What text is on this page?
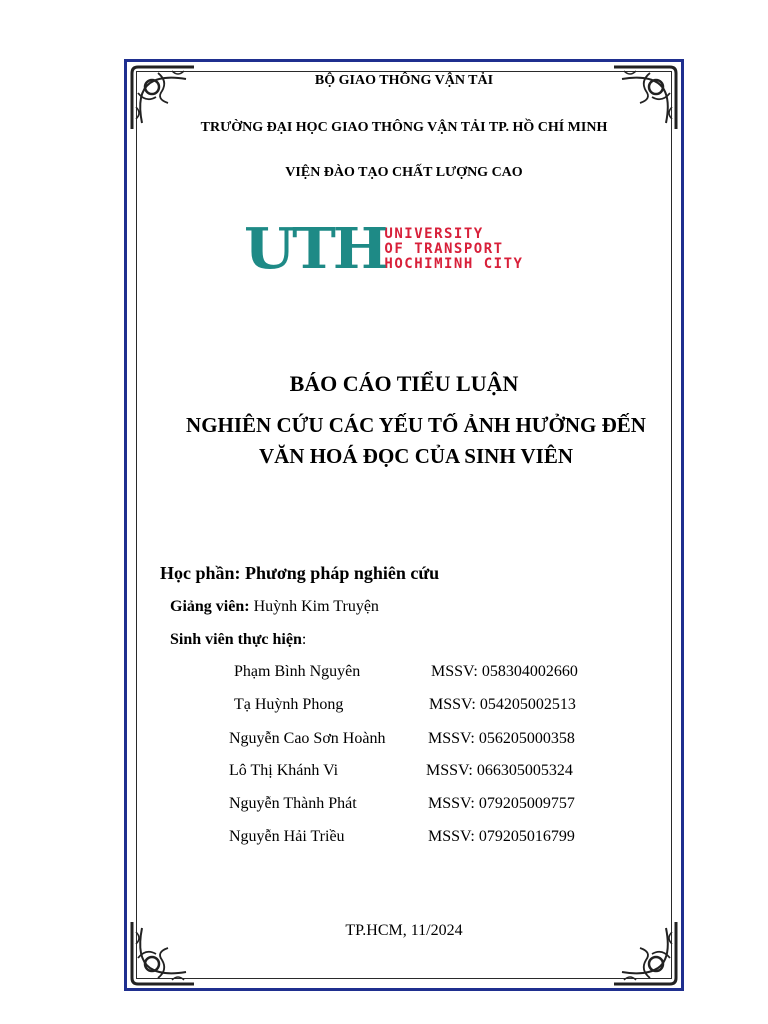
BỘ GIAO THÔNG VẬN TẢI
TRƯỜNG ĐẠI HỌC GIAO THÔNG VẬN TẢI TP. HỒ CHÍ MINH
VIỆN ĐÀO TẠO CHẤT LƯỢNG CAO
UTH UNIVERSITY
OF TRANSPORT
HOCHIMINH CITY
BÁO CÁO TIỂU LUẬN
NGHIÊN CỨU CÁC YẾU TỐ ẢNH HƯỞNG ĐẾN
VĂN HOÁ ĐỌC CỦA SINH VIÊN
Học phần: Phương pháp nghiên cứu
Giảng viên: Huỳnh Kim Truyện
Sinh viên thực hiện:
Phạm Bình Nguyên	MSSV: 058304002660
Tạ Huỳnh Phong	MSSV: 054205002513
Nguyễn Cao Sơn Hoành	MSSV: 056205000358
Lô Thị Khánh Vi	MSSV: 066305005324
Nguyễn Thành Phát	MSSV: 079205009757
Nguyễn Hải Triều	MSSV: 079205016799
TP.HCM, 11/2024
